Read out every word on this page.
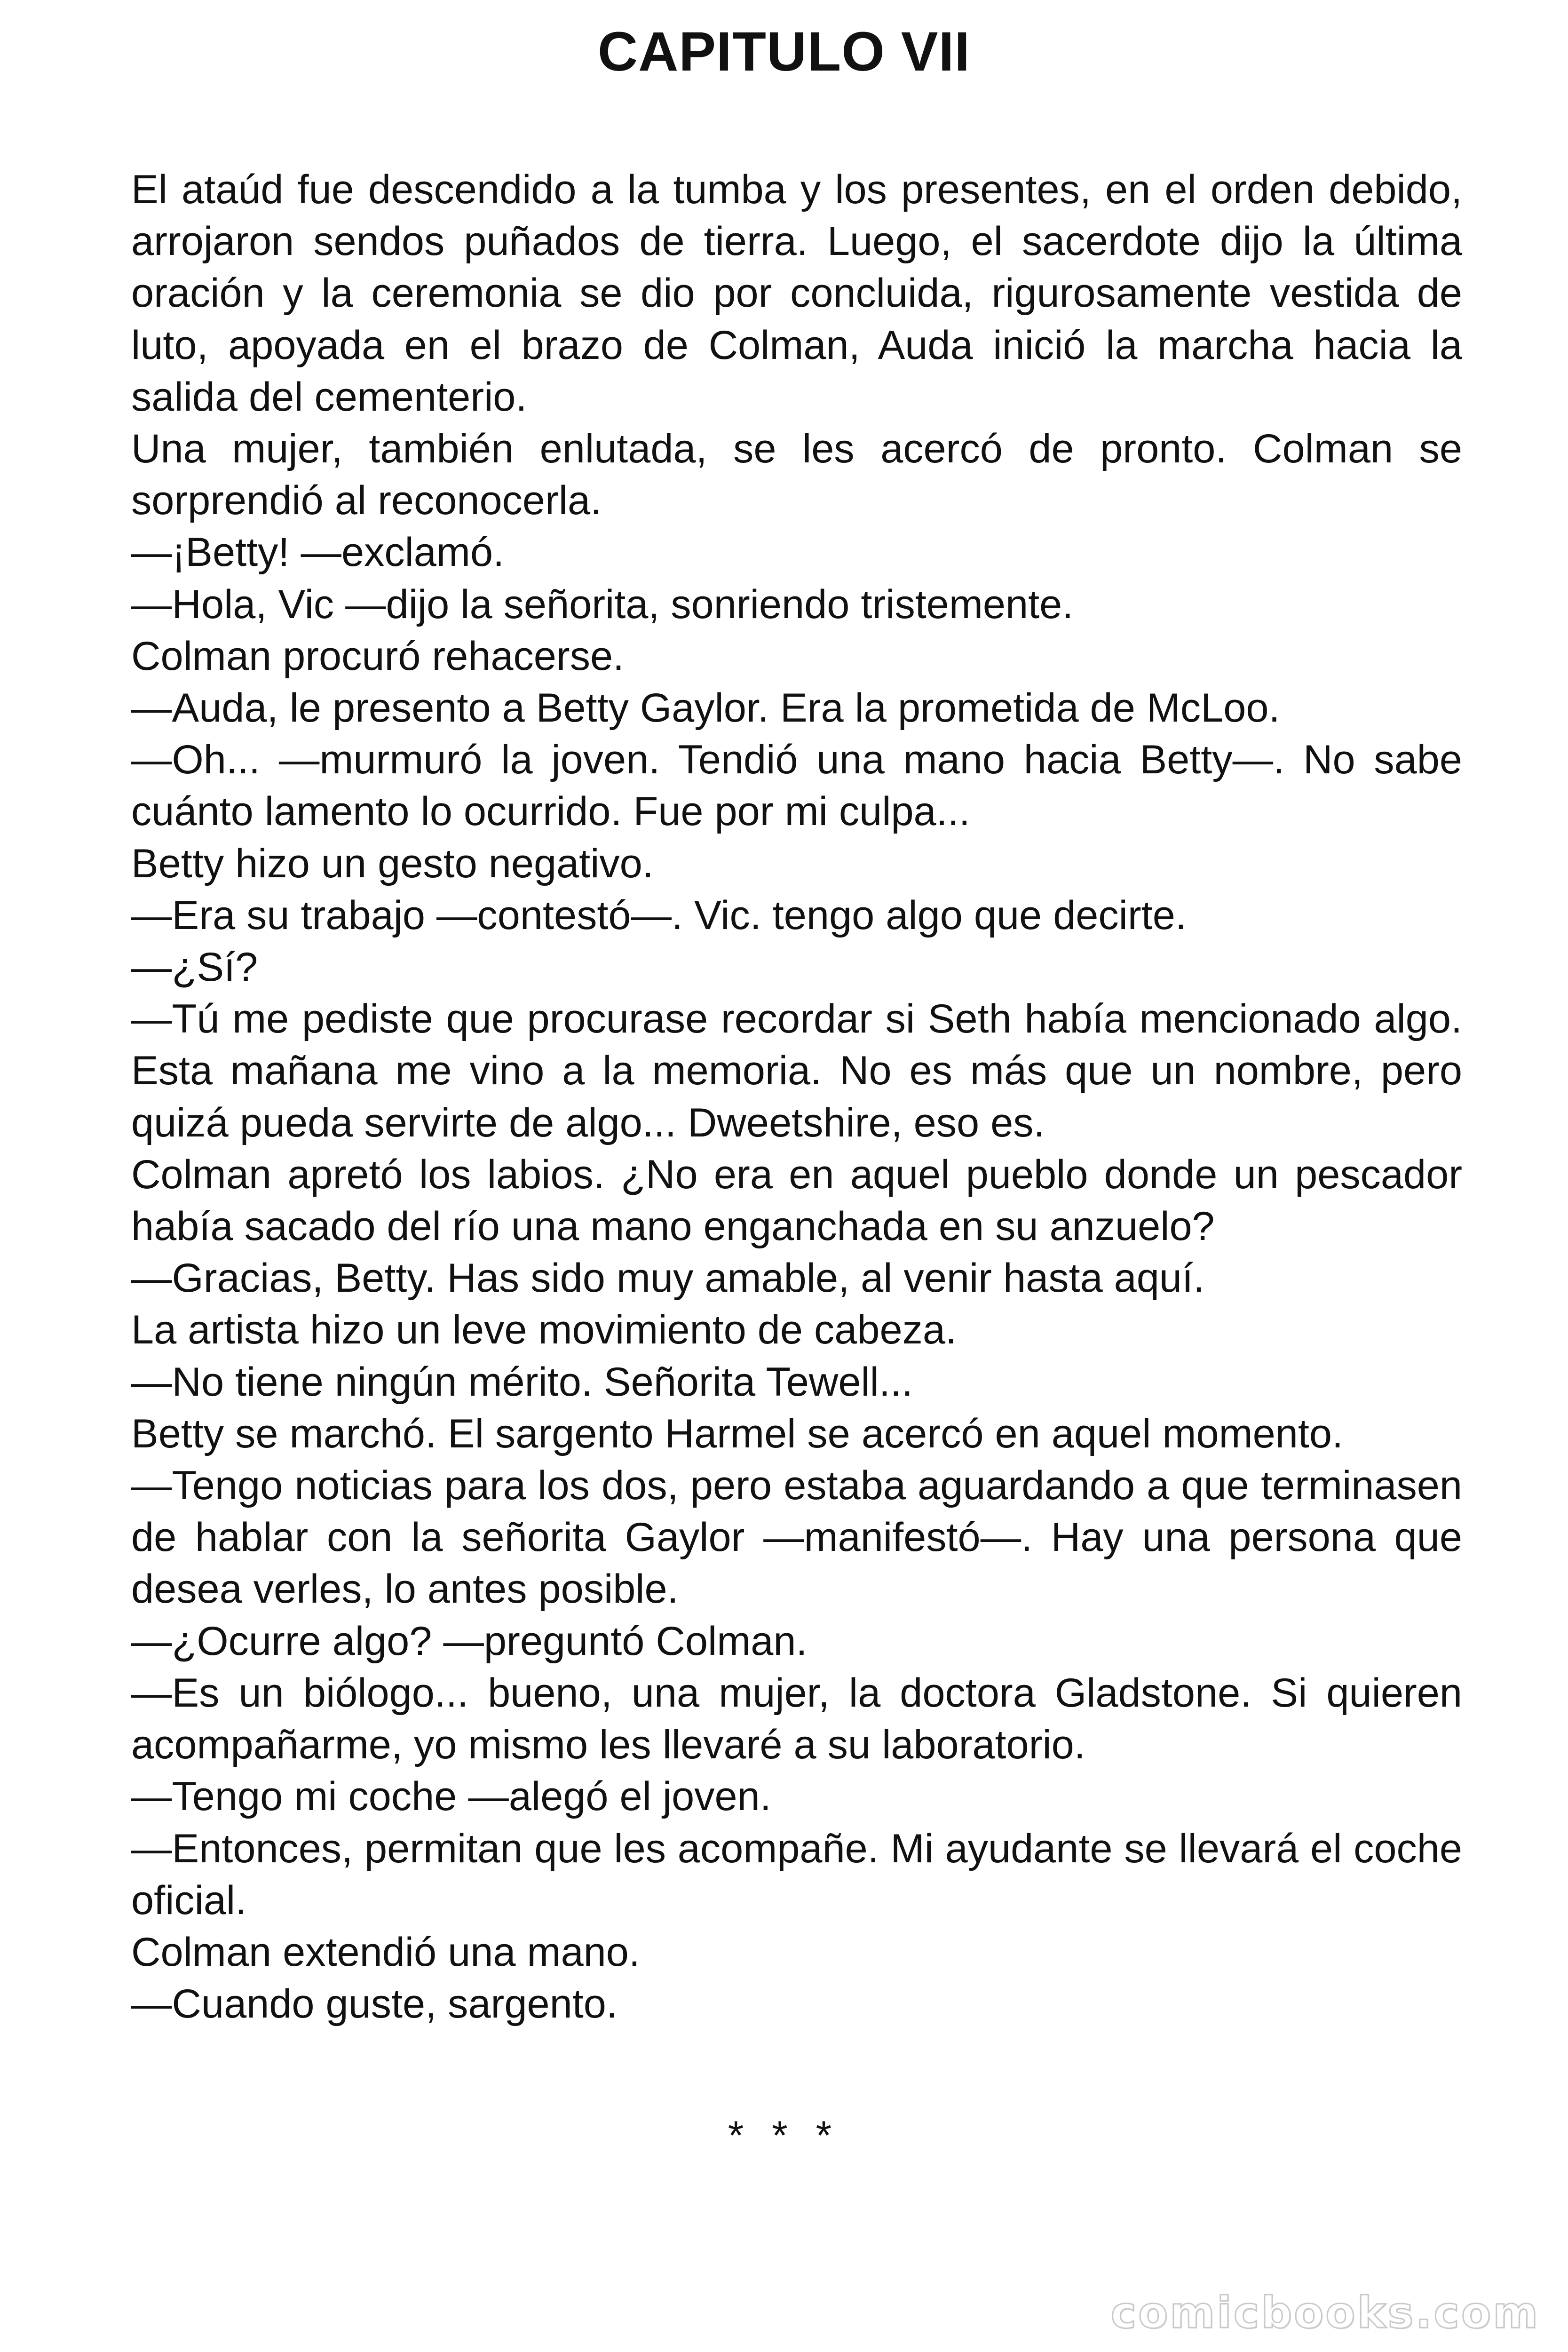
CAPITULO VII

El ataúd fue descendido a la tumba y los presentes, en el orden debido, arrojaron sendos puñados de tierra. Luego, el sacerdote dijo la última oración y la ceremonia se dio por concluida, rigurosamente vestida de luto, apoyada en el brazo de Colman, Auda inició la marcha hacia la salida del cementerio.

Una mujer, también enlutada, se les acercó de pronto. Colman se sorprendió al reconocerla.

—¡Betty! —exclamó.

—Hola, Vic —dijo la señorita, sonriendo tristemente.

Colman procuró rehacerse.

—Auda, le presento a Betty Gaylor. Era la prometida de McLoo.

—Oh... —murmuró la joven. Tendió una mano hacia Betty—. No sabe cuánto lamento lo ocurrido. Fue por mi culpa...

Betty hizo un gesto negativo.

—Era su trabajo —contestó—. Vic. tengo algo que decirte.

—¿Sí?

—Tú me pediste que procurase recordar si Seth había mencionado algo. Esta mañana me vino a la memoria. No es más que un nombre, pero quizá pueda servirte de algo... Dweetshire, eso es.

Colman apretó los labios. ¿No era en aquel pueblo donde un pescador había sacado del río una mano enganchada en su anzuelo?

—Gracias, Betty. Has sido muy amable, al venir hasta aquí.

La artista hizo un leve movimiento de cabeza.

—No tiene ningún mérito. Señorita Tewell...

Betty se marchó. El sargento Harmel se acercó en aquel momento.

—Tengo noticias para los dos, pero estaba aguardando a que terminasen de hablar con la señorita Gaylor —manifestó—. Hay una persona que desea verles, lo antes posible.

—¿Ocurre algo? —preguntó Colman.

—Es un biólogo... bueno, una mujer, la doctora Gladstone. Si quieren acompañarme, yo mismo les llevaré a su laboratorio.

—Tengo mi coche —alegó el joven.

—Entonces, permitan que les acompañe. Mi ayudante se llevará el coche oficial.

Colman extendió una mano.

—Cuando guste, sargento.

* * *
comicbooks.com
